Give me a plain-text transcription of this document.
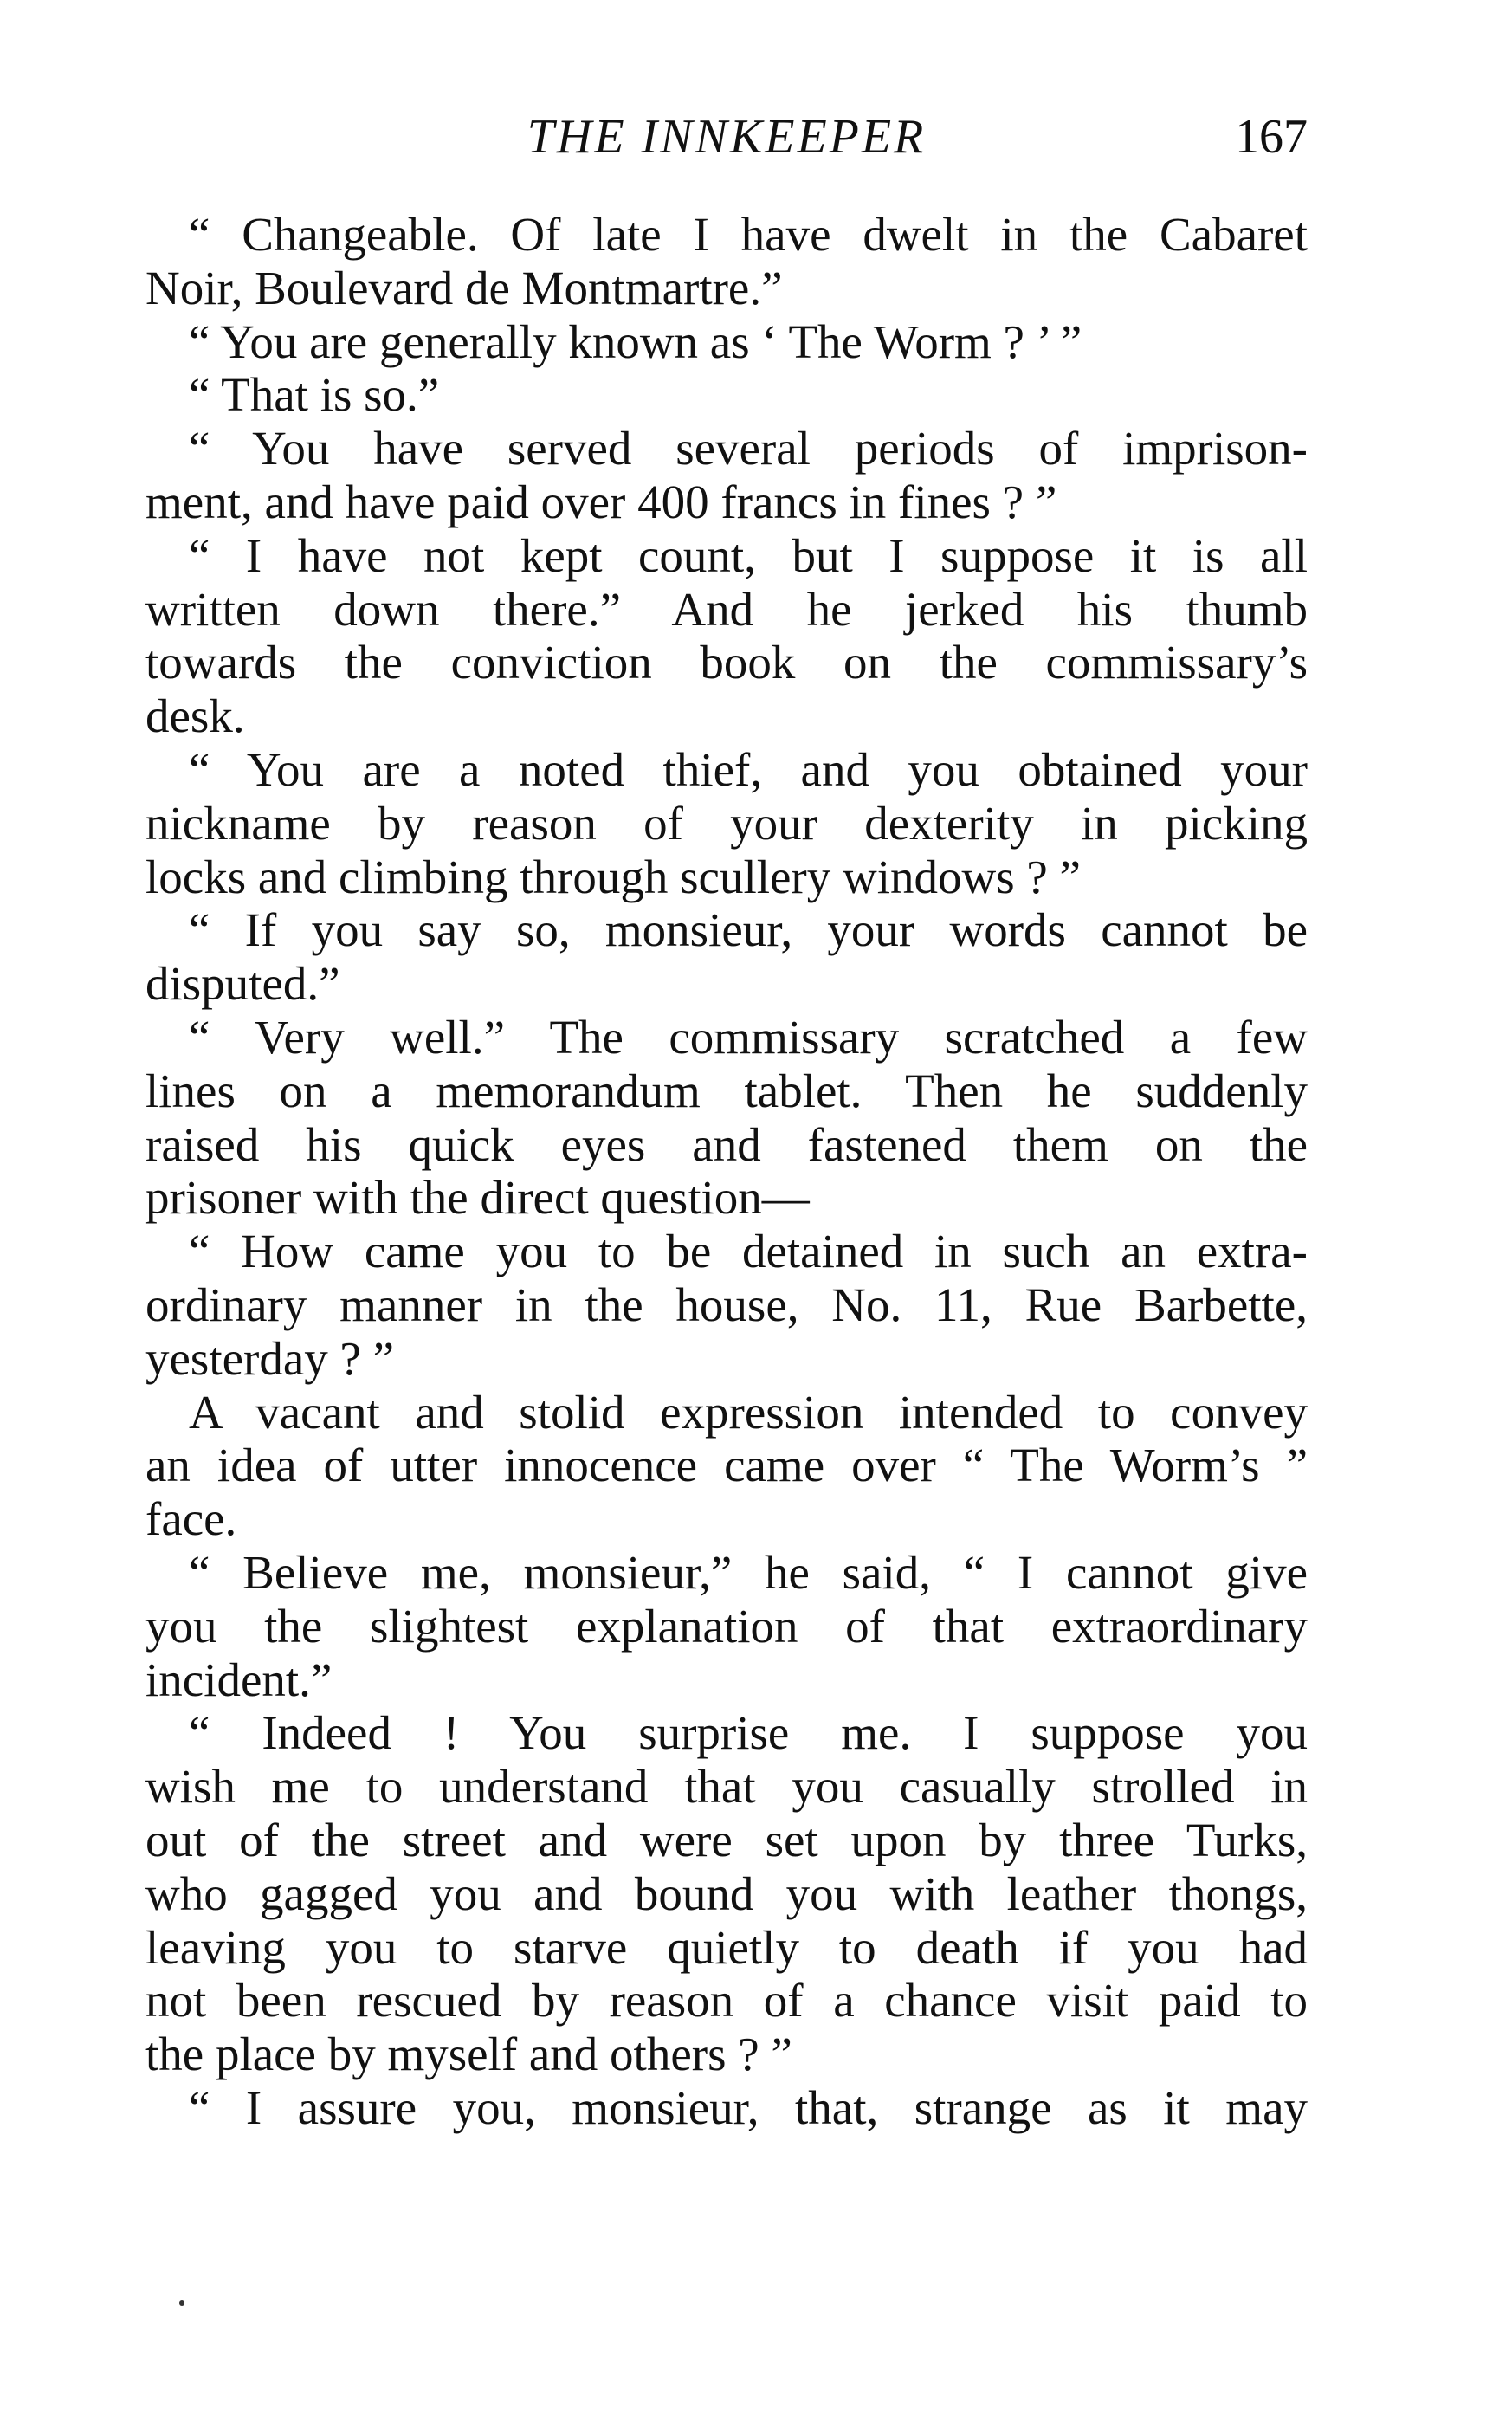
THE INNKEEPER	167
“ Changeable. Of late I have dwelt in the Cabaret
Noir, Boulevard de Montmartre.”
“ You are generally known as ‘ The Worm ? ’ ”
“ That is so.”
“ You have served several periods of imprison-
ment, and have paid over 400 francs in fines ? ”
“ I have not kept count, but I suppose it is all
written down there.” And he jerked his thumb
towards the conviction book on the commissary’s
desk.
“ You are a noted thief, and you obtained your
nickname by reason of your dexterity in picking
locks and climbing through scullery windows ? ”
“ If you say so, monsieur, your words cannot be
disputed.”
“ Very well.” The commissary scratched a few
lines on a memorandum tablet. Then he suddenly
raised his quick eyes and fastened them on the
prisoner with the direct question—
“ How came you to be detained in such an extra-
ordinary manner in the house, No. 11, Rue Barbette,
yesterday ? ”
A vacant and stolid expression intended to convey
an idea of utter innocence came over “ The Worm’s ”
face.
“ Believe me, monsieur,” he said, “ I cannot give
you the slightest explanation of that extraordinary
incident.”
“ Indeed ! You surprise me. I suppose you
wish me to understand that you casually strolled in
out of the street and were set upon by three Turks,
who gagged you and bound you with leather thongs,
leaving you to starve quietly to death if you had
not been rescued by reason of a chance visit paid to
the place by myself and others ? ”
“ I assure you, monsieur, that, strange as it may
